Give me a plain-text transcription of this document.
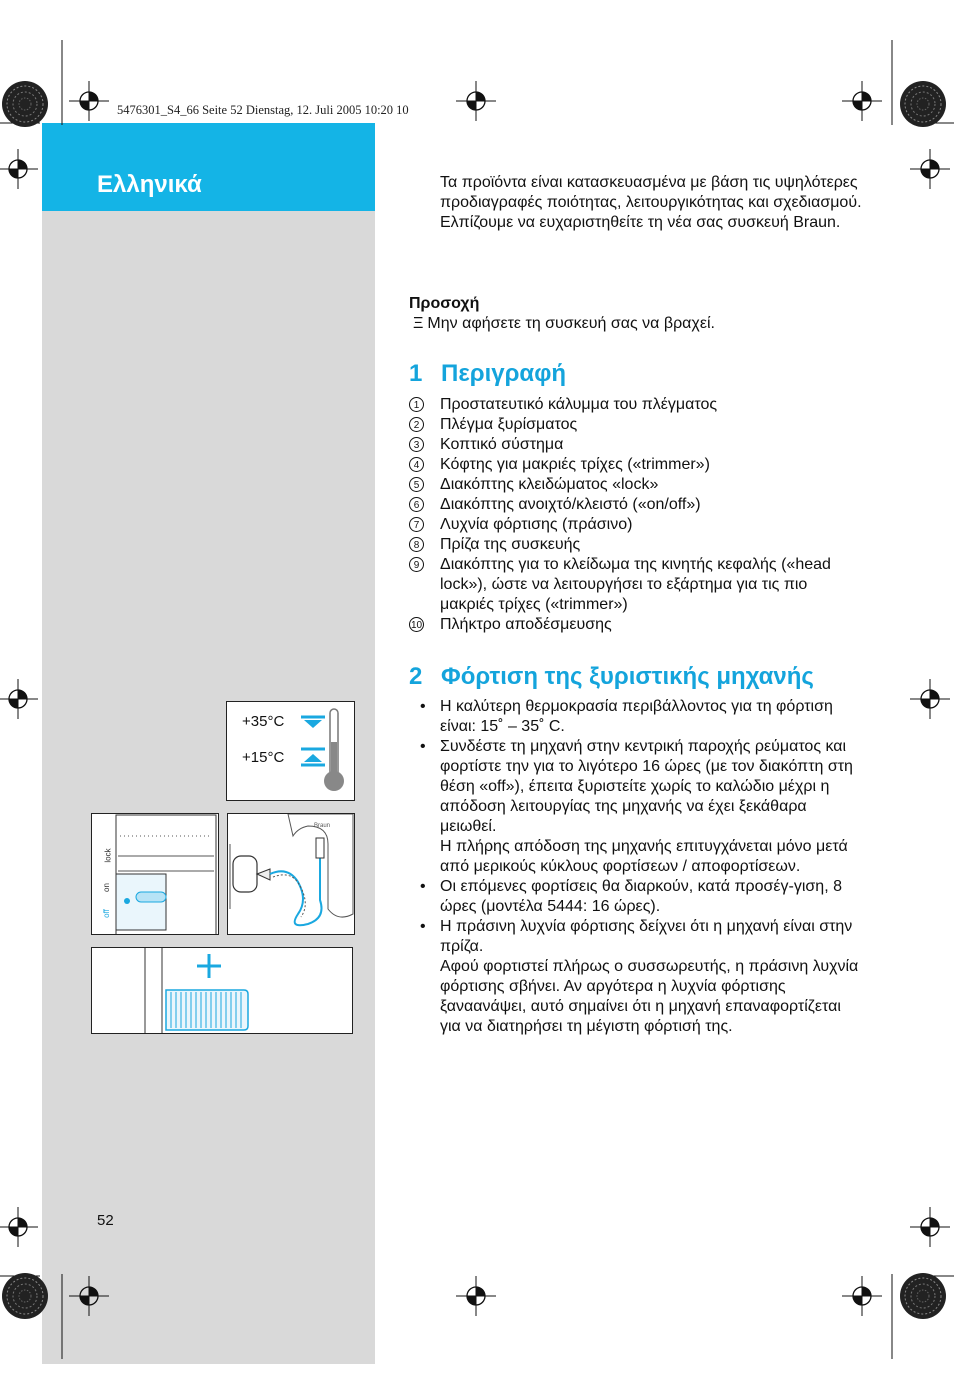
Ελληνικά
5476301_S4_66 Seite 52 Dienstag, 12. Juli 2005 10:20 10
52

Τα προϊόντα είναι κατασκευασμένα με βάση τις υψηλότερες προδιαγραφές ποιότητας, λειτουργικότητας και σχεδιασμού. Ελπίζουμε να ευχαριστηθείτε τη νέα σας συσκευή Braun.

Προσοχή
Ξ Μην αφήσετε τη συσκευή σας να βραχεί.
1 Περιγραφή
1 Προστατευτικό κάλυμμα του πλέγματος
2 Πλέγμα ξυρίσματος
3 Κοπτικό σύστημα
4 Κόφτης για μακριές τρίχες («trimmer»)
5 Διακόπτης κλειδώματος «lock»
6 Διακόπτης ανοιχτό/κλειστό («on/off»)
7 Λυχνία φόρτισης (πράσινο)
8 Πρίζα της συσκευής
9 Διακόπτης για το κλείδωμα της κινητής κεφαλής («head lock»), ώστε να λειτουργήσει το εξάρτημα για τις πιο μακριές τρίχες («trimmer»)
10 Πλήκτρο αποδέσμευσης
2 Φόρτιση της ξυριστικής μηχανής
• Η καλύτερη θερμοκρασία περιβάλλοντος για τη φόρτιση είναι: 15˚ – 35˚ C.
• Συνδέστε τη μηχανή στην κεντρική παροχής ρεύματος και φορτίστε την για το λιγότερο 16 ώρες (με τον διακόπτη στη θέση «off»), έπειτα ξυριστείτε χωρίς το καλώδιο μέχρι η απόδοση λειτουργίας της μηχανής να έχει ξεκάθαρα μειωθεί.
Η πλήρης απόδοση της μηχανής επιτυγχάνεται μόνο μετά από μερικούς κύκλους φορτίσεων / αποφορτίσεων.
• Οι επόμενες φορτίσεις θα διαρκούν, κατά προσέγ-γιση, 8 ώρες (μοντέλα 5444: 16 ώρες).
• Η πράσινη λυχνία φόρτισης δείχνει ότι η μηχανή είναι στην πρίζα.
Αφού φορτιστεί πλήρως ο συσσωρευτής, η πράσινη λυχνία φόρτισης σβήνει. Αν αργότερα η λυχνία φόρτισης ξαναανάψει, αυτό σημαίνει ότι η μηχανή επαναφορτίζεται για να διατηρήσει τη μέγιστη φόρτισή της.
+35°C
+15°C
lock
on
off
Braun
